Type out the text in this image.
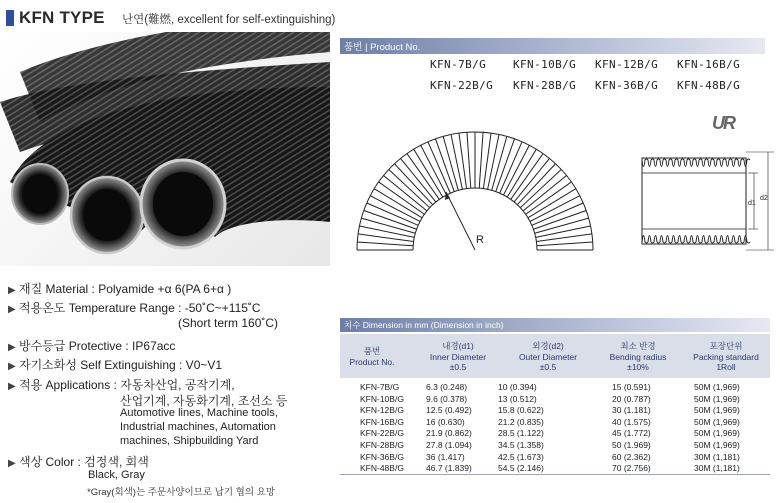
KFN TYPE 난연(難燃, excellent for self-extinguishing)
품번 | Product No.
KFN-7B/G KFN-10B/G KFN-12B/G KFN-16B/G
KFN-22B/G KFN-28B/G KFN-36B/G KFN-48B/G
R
UR
d1
d2
▶ 재질 Material : Polyamide +α 6(PA 6+α )
▶ 적용온도 Temperature Range : -50˚C~+115˚C
(Short term 160˚C)
▶ 방수등급 Protective : IP67acc
▶ 자기소화성 Self Extinguishing : V0~V1
▶ 적용 Applications : 자동차산업, 공작기계,
산업기계, 자동화기계, 조선소 등
Automotive lines, Machine tools,
Industrial machines, Automation
machines, Shipbuilding Yard
▶ 색상 Color : 검정색, 회색
Black, Gray
*Gray(회색)는 주문사양이므로 납기 협의 요망
치수 Dimension in mm (Dimension in inch)
품번
Product No.
내경(d1)
Inner Diameter
±0.5
외경(d2)
Outer Diameter
±0.5
최소 반경
Bending radius
±10%
포장단위
Packing standard
1Roll
KFN-7B/G	6.3 (0.248)	10 (0.394)	15 (0.591)	50M (1,969)
KFN-10B/G	9.6 (0.378)	13 (0.512)	20 (0.787)	50M (1,969)
KFN-12B/G	12.5 (0.492)	15.8 (0.622)	30 (1.181)	50M (1,969)
KFN-16B/G	16 (0.630)	21.2 (0.835)	40 (1.575)	50M (1,969)
KFN-22B/G	21.9 (0.862)	28.5 (1.122)	45 (1.772)	50M (1,969)
KFN-28B/G	27.8 (1.094)	34.5 (1.358)	50 (1.969)	50M (1,969)
KFN-36B/G	36 (1.417)	42.5 (1.673)	60 (2.362)	30M (1,181)
KFN-48B/G	46.7 (1.839)	54.5 (2.146)	70 (2.756)	30M (1,181)
